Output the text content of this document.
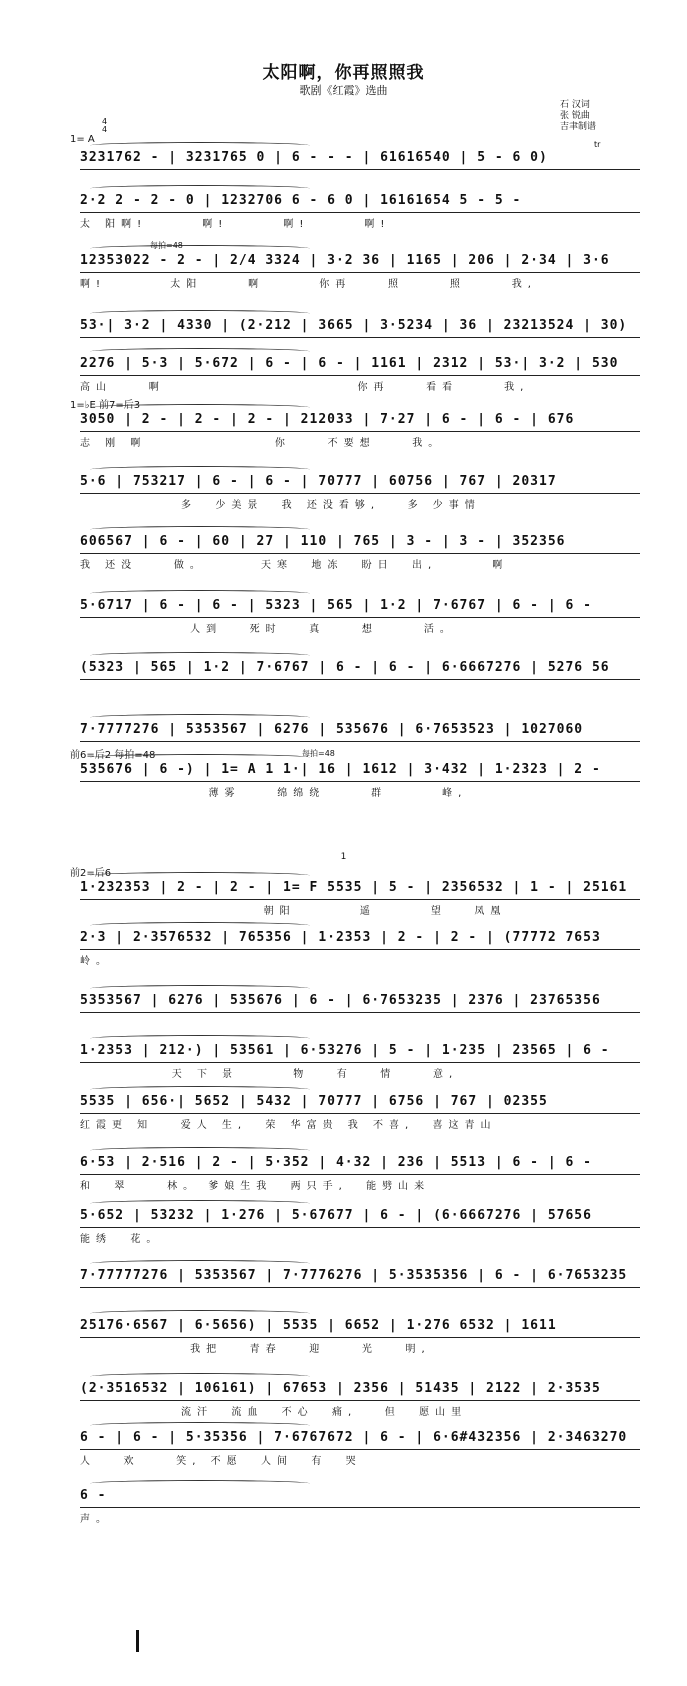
太阳啊，你再照照我
歌剧《红霞》选曲
石 汉词
张 锐曲
吉聿制谱
1= A
4
4
3231762 - | 3231765 0 | 6 - - - | 61616540 | 5 - 6 0)
2·2 2 - 2 - 0 | 1232706 6 - 6 0 | 16161654 5 - 5 -
太 阳啊!      啊!      啊!      啊!
12353022 - 2 - | 2/4 3324 | 3·2 36 | 1165 | 206 | 2·34 | 3·6
啊!       太阳     啊      你再    照     照     我,
53·| 3·2 | 4330 | (2·212 | 3665 | 3·5234 | 36 | 23213524 | 30)
2276 | 5·3 | 5·672 | 6 - | 6 - | 1161 | 2312 | 53·| 3·2 | 530
高山    啊                     你再    看看     我,
1=♭E 前7=后3
3050 | 2 - | 2 - | 2 - | 212033 | 7·27 | 6 - | 6 - | 676
志 刚 啊              你    不要想    我。
5·6 | 753217 | 6 - | 6 - | 70777 | 60756 | 767 | 20317
多  少美景  我 还没看够,   多 少事情
606567 | 6 - | 60 | 27 | 110 | 765 | 3 - | 3 - | 352356
我 还没    做。      天寒  地冻  盼日  出,      啊
5·6717 | 6 - | 6 - | 5323 | 565 | 1·2 | 7·6767 | 6 - | 6 -
人到   死时   真    想     活。
(5323 | 565 | 1·2 | 7·6767 | 6 - | 6 - | 6·6667276 | 5276 56
7·7777276 | 5353567 | 6276 | 535676 | 6·7653523 | 1027060
前6=后2 每拍=48
535676 | 6 -) | 1= A 1 1·| 16 | 1612 | 3·432 | 1·2323 | 2 -
薄雾    绵绵绕     群      峰,
前2=后6
1·232353 | 2 - | 2 - | 1= F 5535 | 5 - | 2356532 | 1 - | 25161
朝阳       遥      望   凤凰
2·3 | 2·3576532 | 765356 | 1·2353 | 2 - | 2 - | (77772 7653
岭。
5353567 | 6276 | 535676 | 6 - | 6·7653235 | 2376 | 23765356
1·2353 | 212·) | 53561 | 6·53276 | 5 - | 1·235 | 23565 | 6 -
天 下 景      物   有   情    意,
5535 | 656·| 5652 | 5432 | 70777 | 6756 | 767 | 02355
红霞更 知   爱人 生,  荣 华富贵 我 不喜,  喜这青山
6·53 | 2·516 | 2 - | 5·352 | 4·32 | 236 | 5513 | 6 - | 6 -
和  翠    林。 爹娘生我  两只手,  能劈山来
5·652 | 53232 | 1·276 | 5·67677 | 6 - | (6·6667276 | 57656
能绣  花。
7·77777276 | 5353567 | 7·7776276 | 5·3535356 | 6 - | 6·7653235
25176·6567 | 6·5656) | 5535 | 6652 | 1·276 6532 | 1611
我把   青春   迎    光   明,
(2·3516532 | 106161) | 67653 | 2356 | 51435 | 2122 | 2·3535
流汗  流血  不心  痛,   但  愿山里
6 - | 6 - | 5·35356 | 7·6767672 | 6 - | 6·6#432356 | 2·3463270
人   欢    笑, 不愿  人间  有  哭
6 -
声。
每拍=48
每拍=48
tr
1
